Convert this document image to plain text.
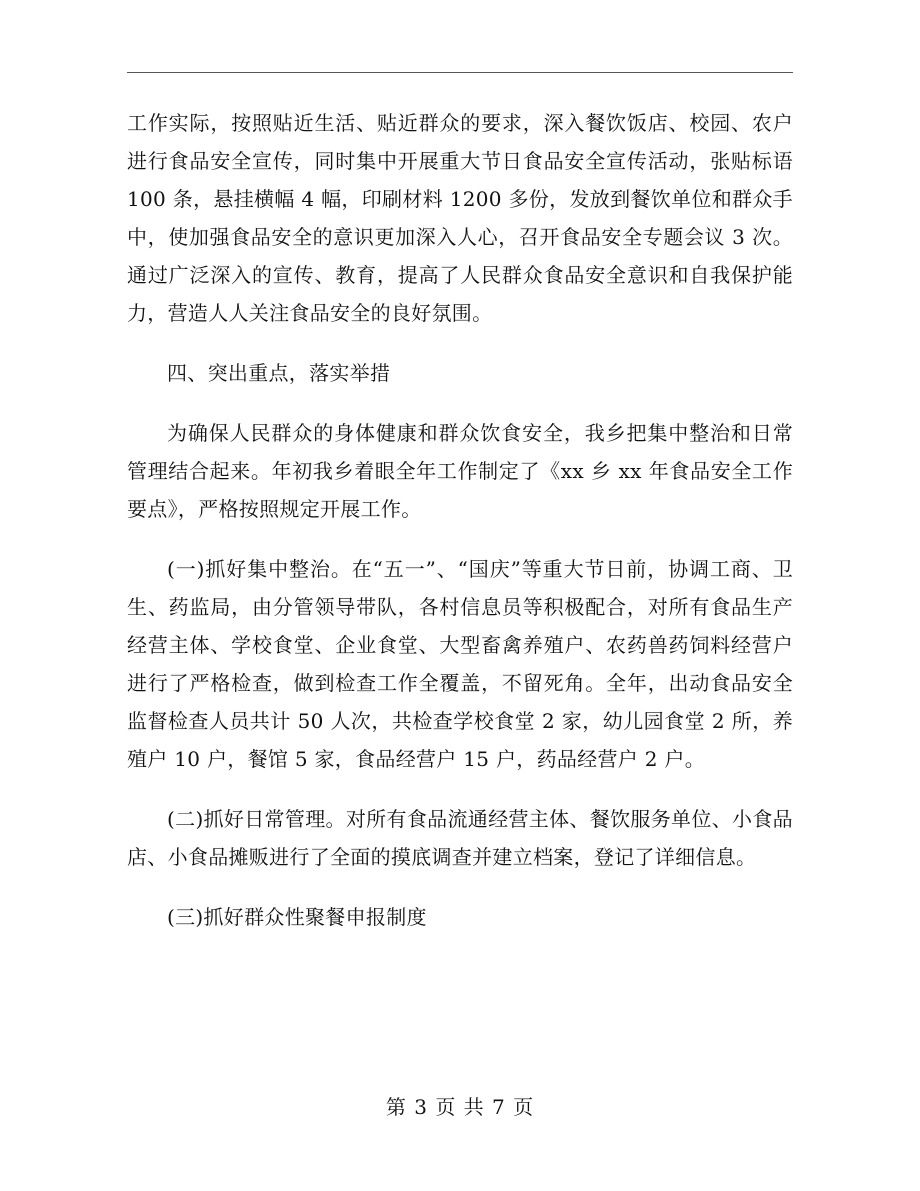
工作实际，按照贴近生活、贴近群众的要求，深入餐饮饭店、校园、农户进行食品安全宣传，同时集中开展重大节日食品安全宣传活动，张贴标语 100 条，悬挂横幅 4 幅，印刷材料 1200 多份，发放到餐饮单位和群众手中，使加强食品安全的意识更加深入人心，召开食品安全专题会议 3 次。通过广泛深入的宣传、教育，提高了人民群众食品安全意识和自我保护能力，营造人人关注食品安全的良好氛围。

四、突出重点，落实举措

为确保人民群众的身体健康和群众饮食安全，我乡把集中整治和日常管理结合起来。年初我乡着眼全年工作制定了《xx 乡 xx 年食品安全工作要点》，严格按照规定开展工作。

(一)抓好集中整治。在“五一”、“国庆”等重大节日前，协调工商、卫生、药监局，由分管领导带队，各村信息员等积极配合，对所有食品生产经营主体、学校食堂、企业食堂、大型畜禽养殖户、农药兽药饲料经营户进行了严格检查，做到检查工作全覆盖，不留死角。全年，出动食品安全监督检查人员共计 50 人次，共检查学校食堂 2 家，幼儿园食堂 2 所，养殖户 10 户，餐馆 5 家，食品经营户 15 户，药品经营户 2 户。

(二)抓好日常管理。对所有食品流通经营主体、餐饮服务单位、小食品店、小食品摊贩进行了全面的摸底调查并建立档案，登记了详细信息。

(三)抓好群众性聚餐申报制度

第 3 页 共 7 页
